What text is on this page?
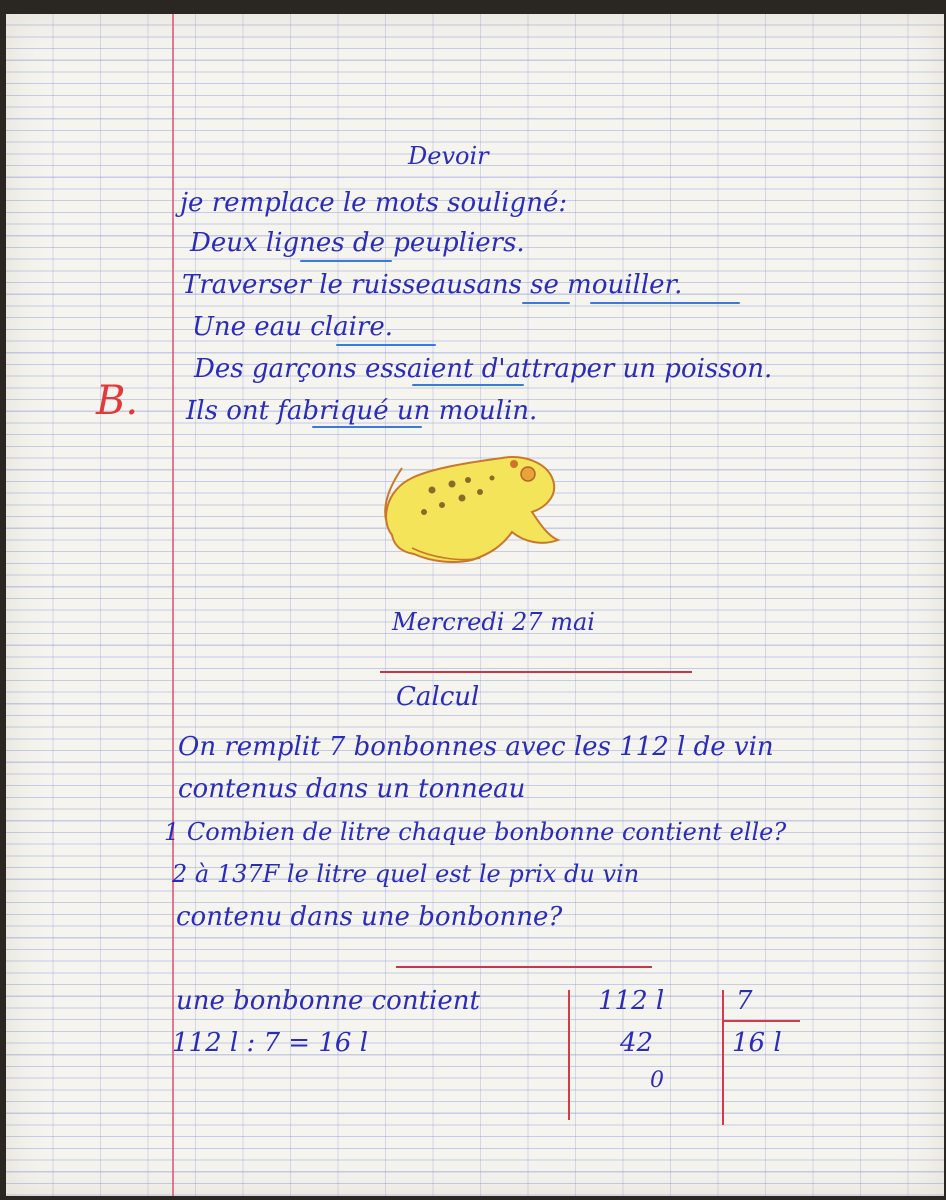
Devoir
je remplace le mots souligné:
Deux lignes de peupliers.
Traverser le ruisseausans se mouiller.
Une eau claire.
Des garçons essaient d'attraper un poisson.
Ils ont fabriqué un moulin.
B.
Mercredi 27 mai
Calcul
On remplit 7 bonbonnes avec les 112 l de vin
contenus dans un tonneau
1 Combien de litre chaque bonbonne contient elle?
2 à 137F le litre quel est le prix du vin
contenu dans une bonbonne?
une bonbonne contient
112 l : 7 = 16 l
112 l
42
0
7
16 l
